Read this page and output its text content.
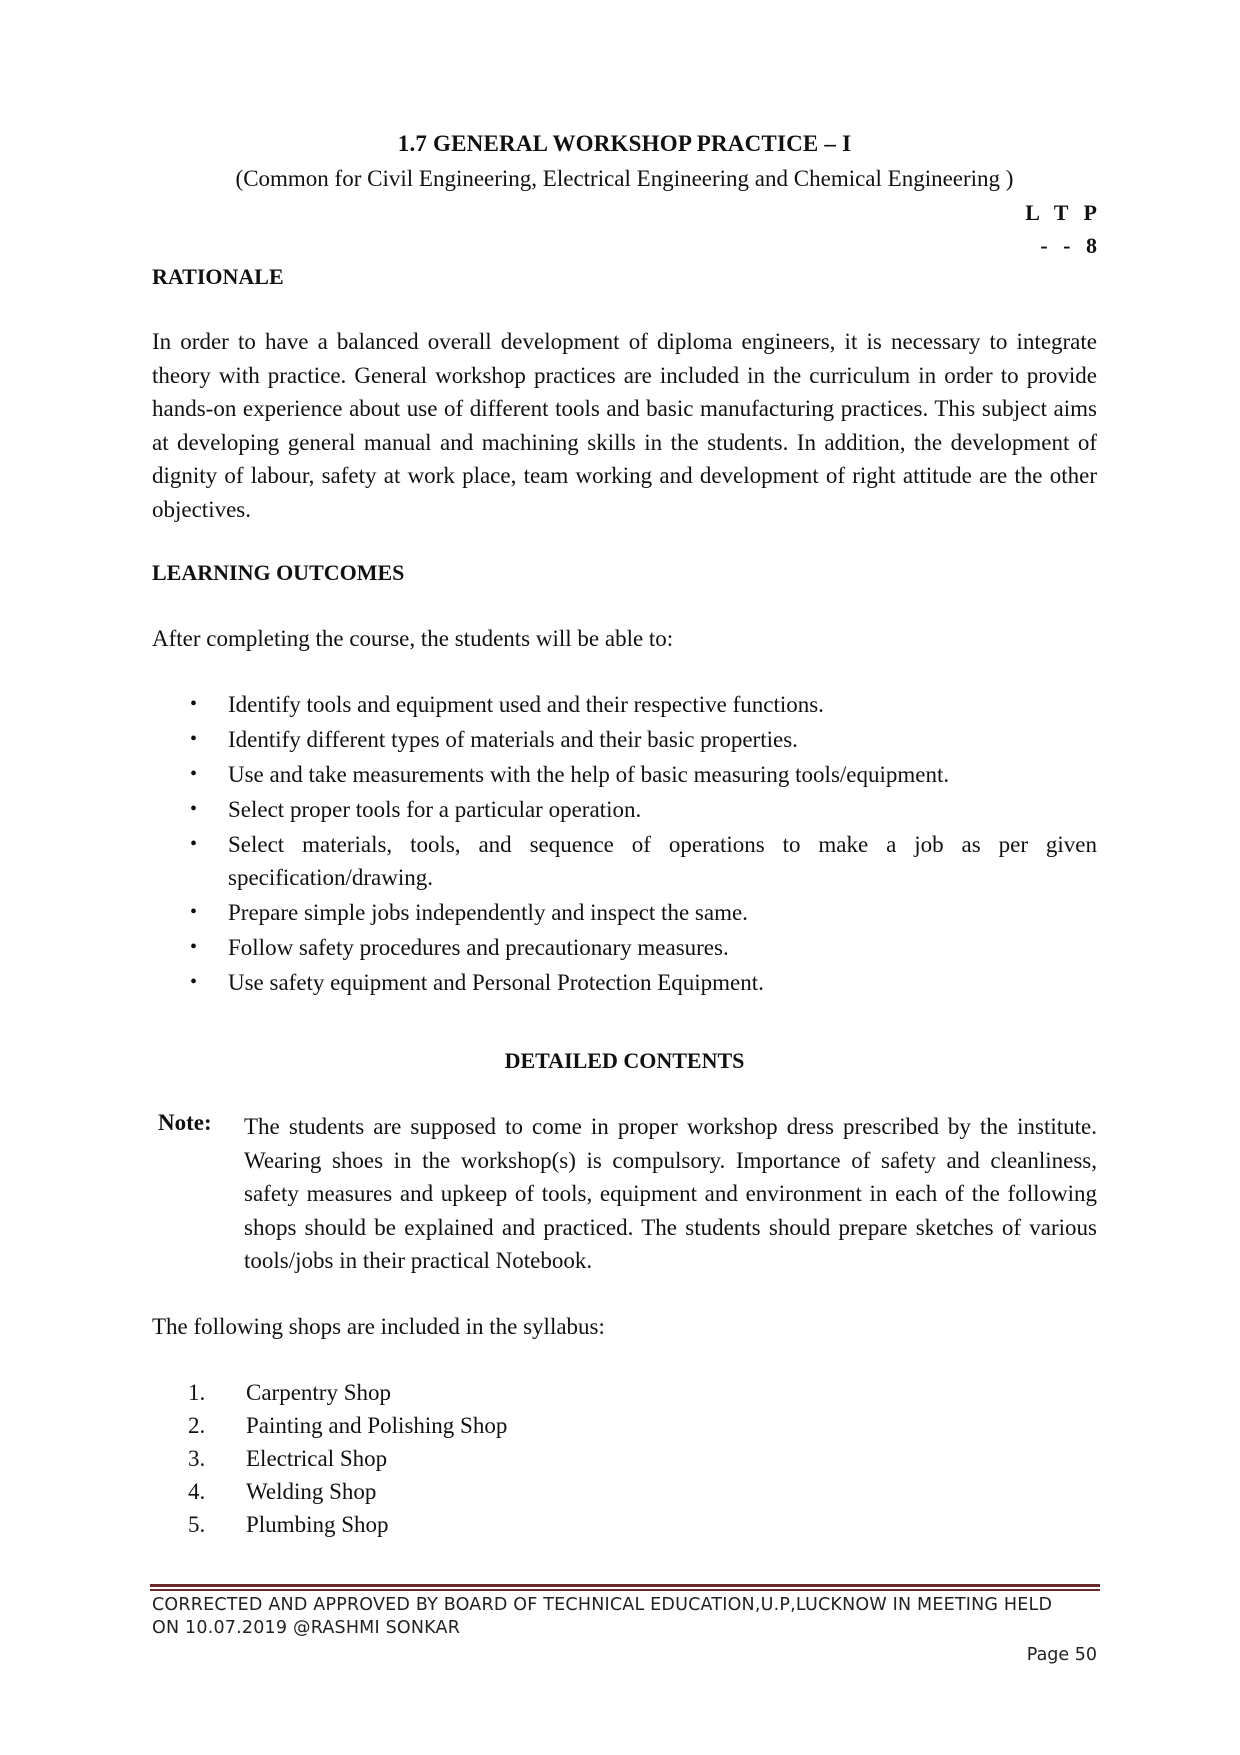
1.7 GENERAL WORKSHOP PRACTICE – I
(Common for Civil Engineering, Electrical Engineering and Chemical Engineering )
L T P
- - 8
RATIONALE
In order to have a balanced overall development of diploma engineers, it is necessary to integrate theory with practice. General workshop practices are included in the curriculum in order to provide hands-on experience about use of different tools and basic manufacturing practices. This subject aims at developing general manual and machining skills in the students. In addition, the development of dignity of labour, safety at work place, team working and development of right attitude are the other objectives.
LEARNING OUTCOMES
After completing the course, the students will be able to:
• Identify tools and equipment used and their respective functions.
• Identify different types of materials and their basic properties.
• Use and take measurements with the help of basic measuring tools/equipment.
• Select proper tools for a particular operation.
• Select materials, tools, and sequence of operations to make a job as per given specification/drawing.
• Prepare simple jobs independently and inspect the same.
• Follow safety procedures and precautionary measures.
• Use safety equipment and Personal Protection Equipment.
DETAILED CONTENTS
Note: The students are supposed to come in proper workshop dress prescribed by the institute. Wearing shoes in the workshop(s) is compulsory. Importance of safety and cleanliness, safety measures and upkeep of tools, equipment and environment in each of the following shops should be explained and practiced. The students should prepare sketches of various tools/jobs in their practical Notebook.
The following shops are included in the syllabus:
1.	Carpentry Shop
2.	Painting and Polishing Shop
3.	Electrical Shop
4.	Welding Shop
5.	Plumbing Shop
CORRECTED AND APPROVED BY BOARD OF TECHNICAL EDUCATION,U.P,LUCKNOW IN MEETING HELD
ON 10.07.2019 @RASHMI SONKAR
Page 50
